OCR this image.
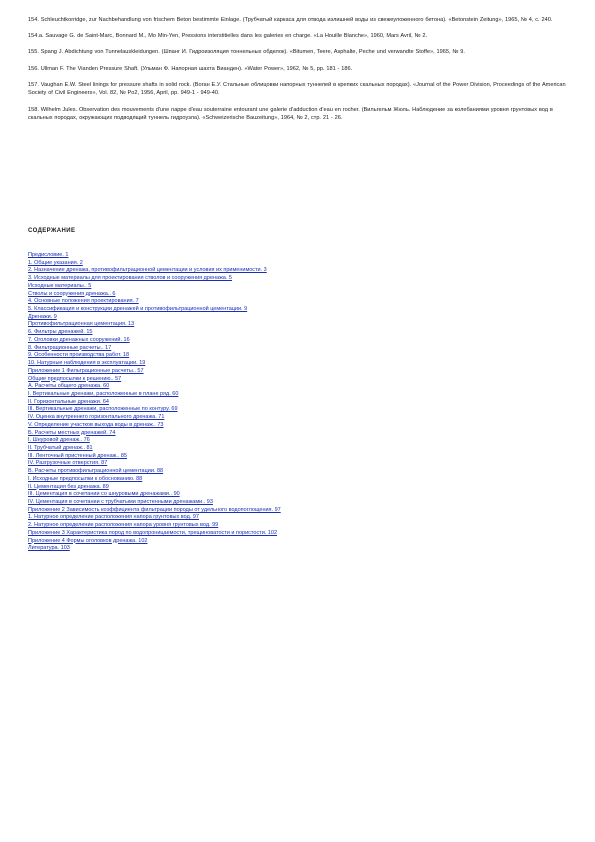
154. Schleuchtkorridge, zur Nachbehandlung von frischem Beton bestimmte Einlage. (Трубчатый каркаса для отвода излишней воды из свежеуложенного бетона). «Betonstein Zeitung», 1965, № 4, с. 240.

154.а. Sauvage G. de Saint-Marc, Bonnard M., Mo Min-Yen, Pressions interstitielles dans les galeries en charge. «La Houille Blanche», 1960, Mars Avril, № 2.

155. Spang J. Abdichtung von Tunnelauskleidungen. (Шпанг И. Гидроизоляция тоннельных обделок). «Bitumen, Teere, Asphalte, Peche und verwandte Stoffe», 1965, № 9.

156. Ullman F. The Vianden Pressure Shaft. (Ульман Ф. Напорная шахта Вианден). «Water Power», 1962, № 5, pp. 181 - 186.

157. Vaughan E.W. Steel linings for pressure shafts in solid rock. (Воган Е.У. Стальные облицовки напорных туннелей в крепких скальных породах). «Journal of the Power Division, Proceedings of the American Society of Civil Engineers», Vol. 82, № Po2, 1956, April, pp. 949-1 - 949-40.

158. Wilhelm Jules. Observation des mouvements d'une nappe d'eau souterraine entourant une galerie d'adduction d'eau en rocher. (Вильгельм Жюль. Наблюдение за колебаниями уровня грунтовых вод в скальных породах, окружающих подводящий туннель гидроузла). «Schweizerische Bauzeitung», 1964, № 2, стр. 21 - 26.

СОДЕРЖАНИЕ
Предисловие. 1
1. Общие указания. 2
2. Назначение дренажа, противофильтрационной цементации и условия их применимости. 3
3. Исходные материалы для проектирования стволов и сооружения дренажа. 5
Исходные материалы.. 5
Стволы и сооружения дренажа.. 6
4. Основные положения проектирования. 7
5. Классификация и конструкции дренажей и противофильтрационной цементации. 9
Дренажи. 9
Противофильтрационная цементация. 13
6. Фильтры дренажей. 15
7. Оголовки дренажных сооружений. 16
8. Фильтрационные расчеты.. 17
9. Особенности производства работ. 18
10. Натурные наблюдения в эксплуатации. 19
Приложение 1 Фильтрационные расчеты.. 57
Общие предпосылки к решению.. 57
А. Расчеты общего дренажа. 60
I. Вертикальные дренажи, расположенные в плане ряд. 60
II. Горизонтальные дренажи. 64
III. Вертикальные дренажи, расположенные по контуру. 69
IV. Оценка внутреннего горизонтального дренажа. 71
V. Определение участков выхода воды в дренаж.. 73
Б. Расчеты местных дренажей. 74
I. Шнуровой дренаж.. 76
II. Трубчатый дренаж.. 81
III. Ленточный пристенный дренаж.. 85
IV. Разгрузочные отверстия. 87
В. Расчеты противофильтрационной цементации. 88
I. Исходные предпосылки к обоснованию. 88
II. Цементация без дренажа. 89
III. Цементация в сочетании со шнуровыми дренажами.. 90
IV. Цементация в сочетании с трубчатыми пристенными дренажами.. 93
Приложение 2 Зависимость коэффициента фильтрации породы от удельного водопоглощения. 97
1. Натурное определение расположения напора грунтовых вод. 97
2. Натурное определение расположения напора уровня грунтовых вод. 99
Приложение 3 Характеристика пород по водопроницаемости, трещиноватости и пористости. 102
Приложение 4 Формы оголовков дренажа. 102
Литература. 103
